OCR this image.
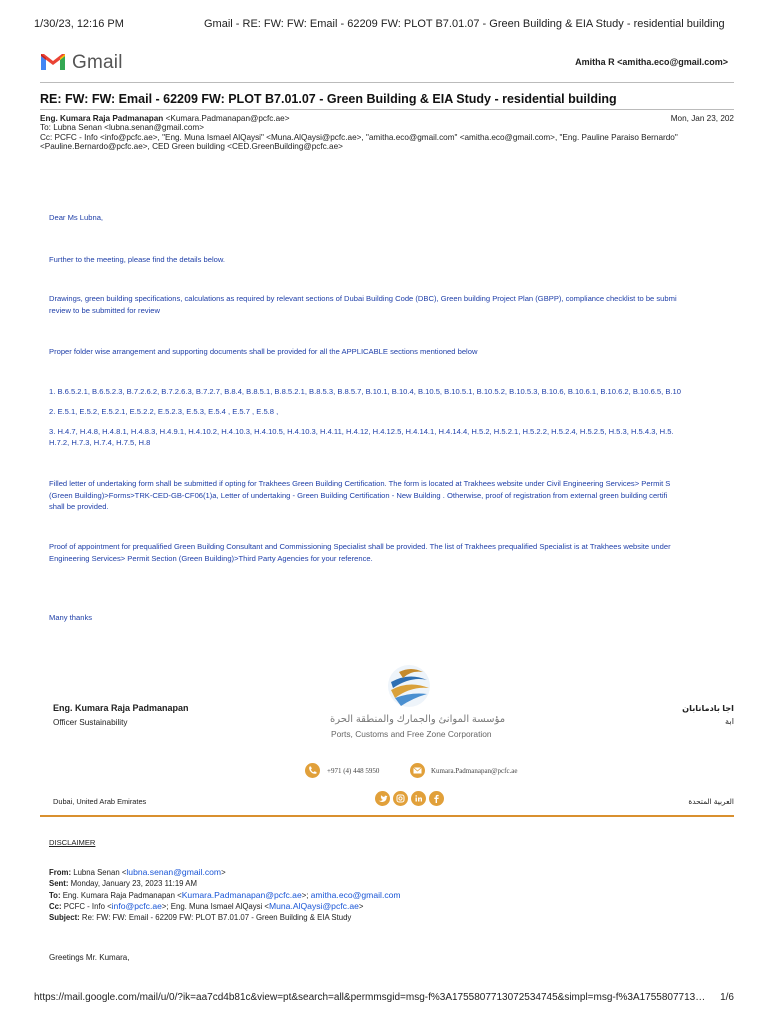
1/30/23, 12:16 PM	Gmail - RE: FW: FW: Email - 62209 FW: PLOT B7.01.07 - Green Building & EIA Study - residential building
Gmail	Amitha R <amitha.eco@gmail.com>
RE: FW: FW: Email - 62209 FW: PLOT B7.01.07 - Green Building & EIA Study - residential building
Eng. Kumara Raja Padmanapan <Kumara.Padmanapan@pcfc.ae>	Mon, Jan 23, 202
To: Lubna Senan <lubna.senan@gmail.com>
Cc: PCFC - Info <info@pcfc.ae>, "Eng. Muna Ismael AlQaysi" <Muna.AlQaysi@pcfc.ae>, "amitha.eco@gmail.com" <amitha.eco@gmail.com>, "Eng. Pauline Paraiso Bernardo"
<Pauline.Bernardo@pcfc.ae>, CED Green building <CED.GreenBuilding@pcfc.ae>
Dear Ms Lubna,
Further to the meeting, please find the details below.
Drawings, green building specifications, calculations as required by relevant sections of Dubai Building Code (DBC), Green building Project Plan (GBPP), compliance checklist to be submi
review to be submitted for review
Proper folder wise arrangement and supporting documents shall be provided for all the APPLICABLE sections mentioned below
1. B.6.5.2.1, B.6.5.2.3, B.7.2.6.2, B.7.2.6.3, B.7.2.7, B.8.4, B.8.5.1, B.8.5.2.1, B.8.5.3, B.8.5.7, B.10.1, B.10.4, B.10.5, B.10.5.1, B.10.5.2, B.10.5.3, B.10.6, B.10.6.1, B.10.6.2, B.10.6.5, B.10
2. E.5.1, E.5.2, E.5.2.1, E.5.2.2, E.5.2.3, E.5.3, E.5.4 , E.5.7 , E.5.8 ,
3. H.4.7, H.4.8, H.4.8.1, H.4.8.3, H.4.9.1, H.4.10.2, H.4.10.3, H.4.10.5, H.4.10.3, H.4.11, H.4.12, H.4.12.5, H.4.14.1, H.4.14.4, H.5.2, H.5.2.1, H.5.2.2, H.5.2.4, H.5.2.5, H.5.3, H.5.4.3, H.5.
H.7.2, H.7.3, H.7.4, H.7.5, H.8
Filled letter of undertaking form shall be submitted if opting for Trakhees Green Building Certification. The form is located at Trakhees website under Civil Engineering Services> Permit S
(Green Building)>Forms>TRK-CED-GB-CF06(1)a, Letter of undertaking - Green Building Certification - New Building . Otherwise, proof of registration from external green building certifi
shall be provided.
Proof of appointment for prequalified Green Building Consultant and Commissioning Specialist shall be provided. The list of Trakhees prequalified Specialist is at Trakhees website under
Engineering Services> Permit Section (Green Building)>Third Party Agencies for your reference.
Many thanks
Eng. Kumara Raja Padmanapan
Officer Sustainability
اجا بادمانابان
ابة
مؤسسة الموانئ والجمارك والمنطقة الحرة
Ports, Customs and Free Zone Corporation
+971 (4) 448 5950	Kumara.Padmanapan@pcfc.ae
Dubai, United Arab Emirates	العربية المتحدة
DISCLAIMER
From: Lubna Senan <lubna.senan@gmail.com>
Sent: Monday, January 23, 2023 11:19 AM
To: Eng. Kumara Raja Padmanapan <Kumara.Padmanapan@pcfc.ae>; amitha.eco@gmail.com
Cc: PCFC - Info <info@pcfc.ae>; Eng. Muna Ismael AlQaysi <Muna.AlQaysi@pcfc.ae>
Subject: Re: FW: FW: Email - 62209 FW: PLOT B7.01.07 - Green Building & EIA Study
Greetings Mr. Kumara,
https://mail.google.com/mail/u/0/?ik=aa7cd4b81c&view=pt&search=all&permmsgid=msg-f%3A1755807713072534745&simpl=msg-f%3A1755807713… 1/6
